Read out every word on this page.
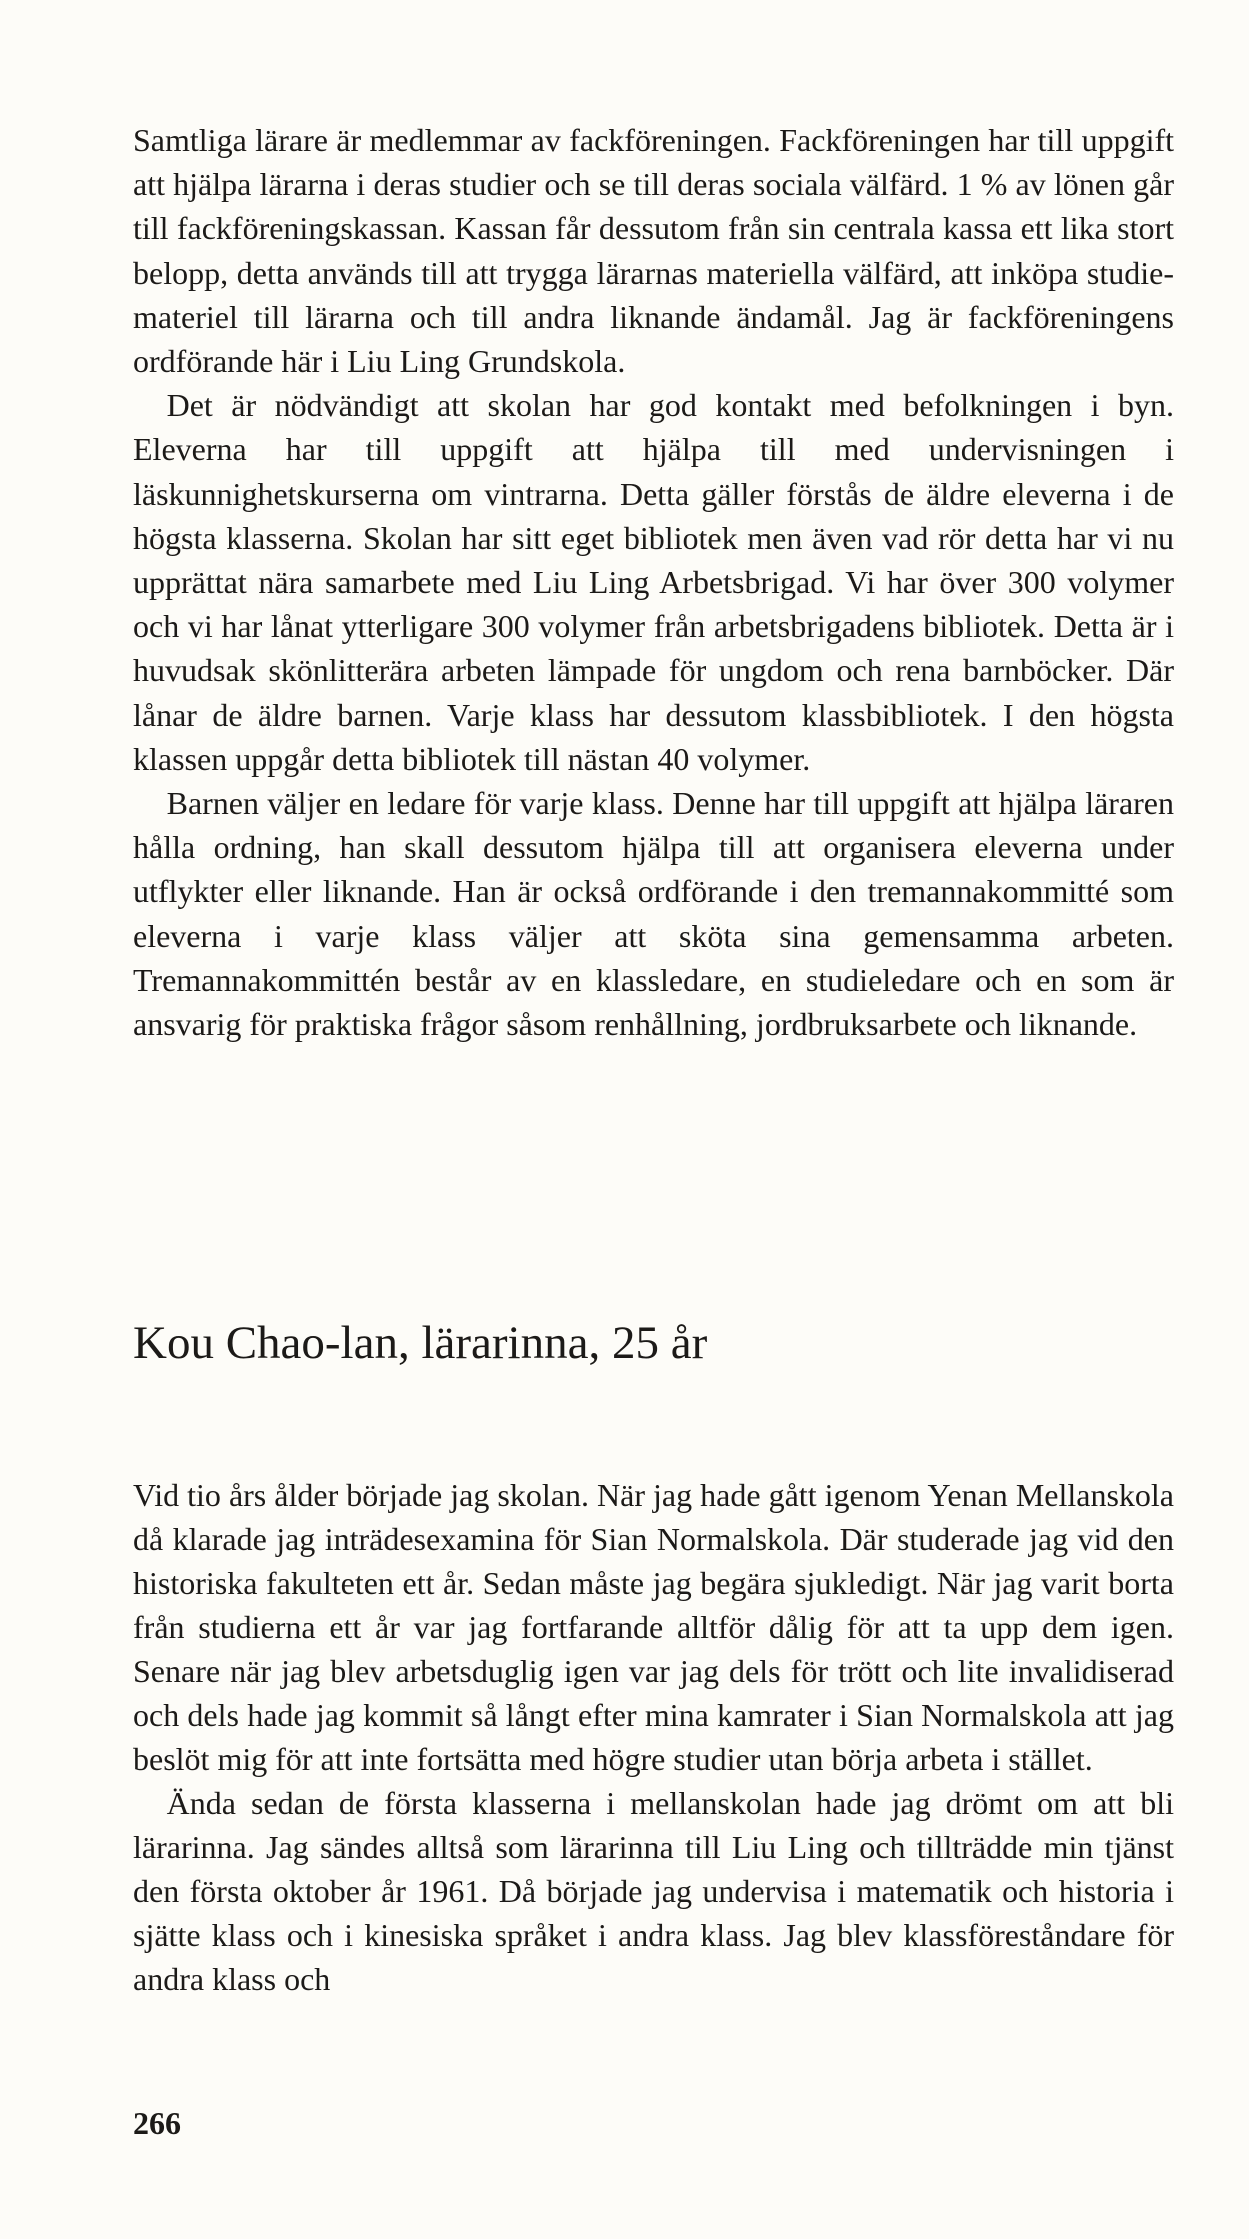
Samtliga lärare är medlemmar av fackföreningen. Fackföreningen har till uppgift att hjälpa lärarna i deras studier och se till deras sociala välfärd. 1 % av lönen går till fackföreningskassan. Kassan får dessutom från sin centrala kassa ett lika stort belopp, detta används till att trygga lärarnas materiella välfärd, att inköpa studiemateriel till lärarna och till andra liknande ändamål. Jag är fackföreningens ordförande här i Liu Ling Grundskola.

Det är nödvändigt att skolan har god kontakt med befolkningen i byn. Eleverna har till uppgift att hjälpa till med undervisningen i läskunnighetskurserna om vintrarna. Detta gäller förstås de äldre eleverna i de högsta klasserna. Skolan har sitt eget bibliotek men även vad rör detta har vi nu upprättat nära samarbete med Liu Ling Arbetsbrigad. Vi har över 300 volymer och vi har lånat ytterligare 300 volymer från arbetsbrigadens bibliotek. Detta är i huvudsak skönlitterära arbeten lämpade för ungdom och rena barnböcker. Där lånar de äldre barnen. Varje klass har dessutom klassbibliotek. I den högsta klassen uppgår detta bibliotek till nästan 40 volymer.

Barnen väljer en ledare för varje klass. Denne har till uppgift att hjälpa läraren hålla ordning, han skall dessutom hjälpa till att organisera eleverna under utflykter eller liknande. Han är också ordförande i den tremannakommitté som eleverna i varje klass väljer att sköta sina gemensamma arbeten. Tremannakommittén består av en klassledare, en studieledare och en som är ansvarig för praktiska frågor såsom renhållning, jordbruksarbete och liknande.

Kou Chao-lan, lärarinna, 25 år

Vid tio års ålder började jag skolan. När jag hade gått igenom Yenan Mellanskola då klarade jag inträdesexamina för Sian Normalskola. Där studerade jag vid den historiska fakulteten ett år. Sedan måste jag begära sjukledigt. När jag varit borta från studierna ett år var jag fortfarande alltför dålig för att ta upp dem igen. Senare när jag blev arbetsduglig igen var jag dels för trött och lite invalidiserad och dels hade jag kommit så långt efter mina kamrater i Sian Normalskola att jag beslöt mig för att inte fortsätta med högre studier utan börja arbeta i stället.

Ända sedan de första klasserna i mellanskolan hade jag drömt om att bli lärarinna. Jag sändes alltså som lärarinna till Liu Ling och tillträdde min tjänst den första oktober år 1961. Då började jag undervisa i matematik och historia i sjätte klass och i kinesiska språket i andra klass. Jag blev klassföreståndare för andra klass och

266
